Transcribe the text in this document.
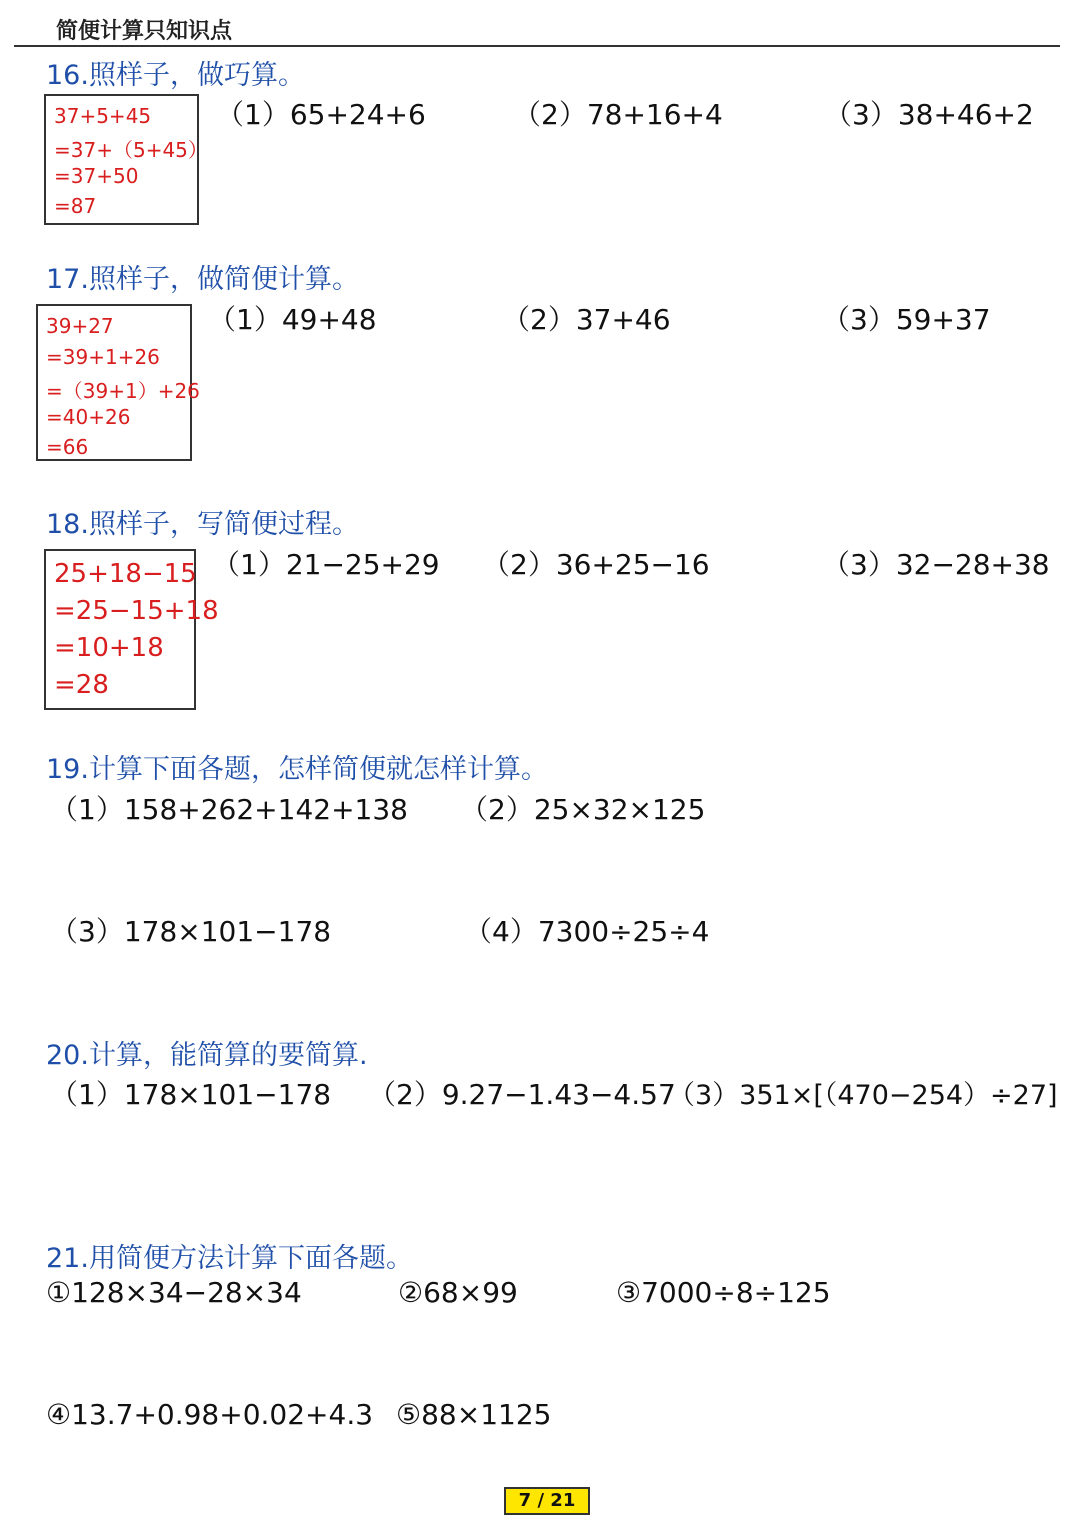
简便计算只知识点
16.照样子，做巧算。
37+5+45
=37+（5+45）
=37+50
=87
（1）65+24+6	（2）78+16+4	（3）38+46+2
17.照样子，做简便计算。
39+27
=39+1+26
=（39+1）+26
=40+26
=66
（1）49+48	（2）37+46	（3）59+37
18.照样子，写简便过程。
25+18−15
=25−15+18
=10+18
=28
（1）21−25+29 （2）36+25−16	（3）32−28+38
19.计算下面各题，怎样简便就怎样计算。
（1）158+262+142+138 （2）25×32×125
（3）178×101−178	（4）7300÷25÷4
20.计算，能简算的要简算.
（1）178×101−178 （2）9.27−1.43−4.57
（3）351×[（470−254）÷27]
21.用简便方法计算下面各题。
①128×34−28×34	②68×99	③7000÷8÷125
④13.7+0.98+0.02+4.3 ⑤88×1125
7 / 21
